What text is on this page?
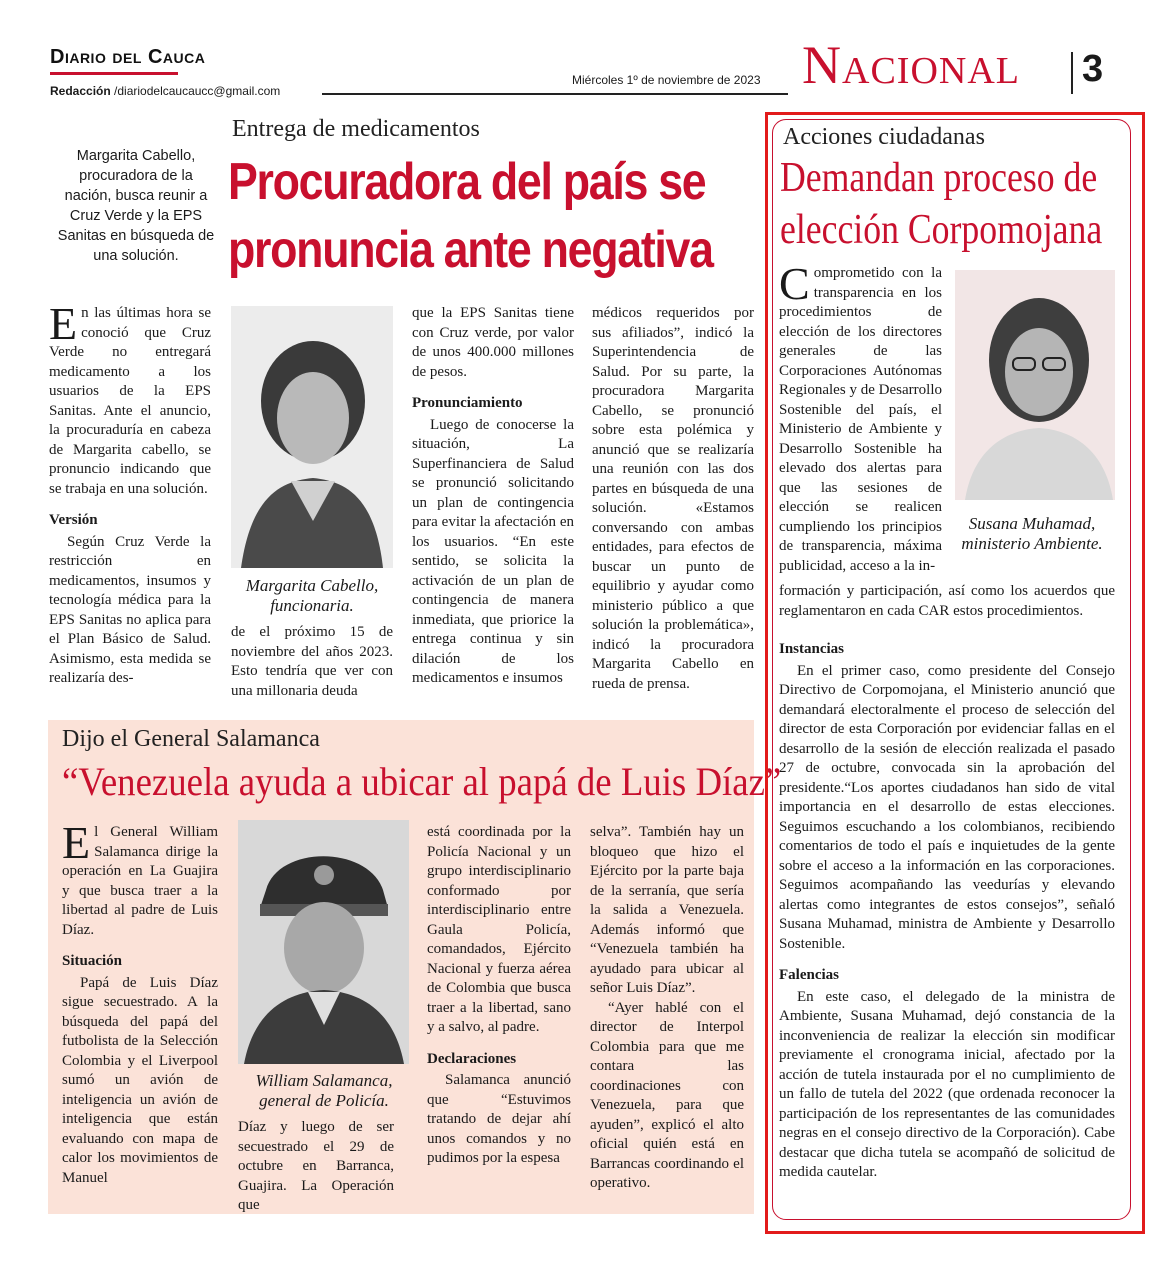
Diario del Cauca
Redacción /diariodelcaucaucc@gmail.com
Miércoles 1º de noviembre de 2023 Nacional 3
Entrega de medicamentos
Procuradora del país se
pronuncia ante negativa
Margarita Cabello, procuradora de la nación, busca reunir a Cruz Verde y la EPS Sanitas en búsqueda de una solución.
E n las últimas hora se conoció que Cruz Verde no entregará medicamento a los usuarios de la EPS Sanitas. Ante el anuncio, la procuraduría en cabeza de Margarita cabello, se pronuncio indicando que se trabaja en una solución.
Versión

Según Cruz Verde la restricción en medicamentos, insumos y tecnología médica para la EPS Sanitas no aplica para el Plan Básico de Salud. Asimismo, esta medida se realizaría des-

Margarita Cabello,
funcionaria.
de el próximo 15 de noviembre del años 2023. Esto tendría que ver con una millonaria deuda
que la EPS Sanitas tiene con Cruz verde, por valor de unos 400.000 millones de pesos.
Pronunciamiento

Luego de conocerse la situación, La Superfinanciera de Salud se pronunció solicitando un plan de contingencia para evitar la afectación en los usuarios. “En este sentido, se solicita la activación de un plan de contingencia de manera inmediata, que priorice la entrega continua y sin dilación de los medicamentos e insumos

médicos requeridos por sus afiliados”, indicó la Superintendencia de Salud. Por su parte, la procuradora Margarita Cabello, se pronunció sobre esta polémica y anunció que se realizaría una reunión con las dos partes en búsqueda de una solución. «Estamos conversando con ambas entidades, para efectos de buscar un punto de equilibrio y ayudar como ministerio público a que solución la problemática», indicó la procuradora Margarita Cabello en rueda de prensa.
Dijo el General Salamanca
“Venezuela ayuda a ubicar al papá de Luis Díaz”
E l General William Salamanca dirige la operación en La Guajira y que busca traer a la libertad al padre de Luis Díaz.
Situación

Papá de Luis Díaz sigue secuestrado. A la búsqueda del papá del futbolista de la Selección Colombia y el Liverpool sumó un avión de inteligencia un avión de inteligencia que están evaluando con mapa de calor los movimientos de Manuel

William Salamanca,
general de Policía.
Díaz y luego de ser secuestrado el 29 de octubre en Barranca, Guajira. La Operación que
está coordinada por la Policía Nacional y un grupo interdisciplinario conformado por interdisciplinario entre Gaula Policía, comandados, Ejército Nacional y fuerza aérea de Colombia que busca traer a la libertad, sano y a salvo, al padre.
Declaraciones

Salamanca anunció que “Estuvimos tratando de dejar ahí unos comandos y no pudimos por la espesa

selva”. También hay un bloqueo que hizo el Ejército por la parte baja de la serranía, que sería la salida a Venezuela. Además informó que “Venezuela también ha ayudado para ubicar al señor Luis Díaz”.

“Ayer hablé con el director de Interpol Colombia para que me contara las coordinaciones con Venezuela, para que ayuden”, explicó el alto oficial quién está en Barrancas coordinando el operativo.

Acciones ciudadanas
Demandan proceso de
elección Corpomojana
C omprometido con la transparencia en los procedimientos de elección de los directores generales de las Corporaciones Autónomas Regionales y de Desarrollo Sostenible del país, el Ministerio de Ambiente y Desarrollo Sostenible ha elevado dos alertas para que las sesiones de elección se realicen cumpliendo los principios de transparencia, máxima publicidad, acceso a la in-
Susana Muhamad,
ministerio Ambiente.
formación y participación, así como los acuerdos que reglamentaron en cada CAR estos procedimientos.
Instancias

En el primer caso, como presidente del Consejo Directivo de Corpomojana, el Ministerio anunció que demandará electoralmente el proceso de selección del director de esta Corporación por evidenciar fallas en el desarrollo de la sesión de elección realizada el pasado 27 de octubre, convocada sin la aprobación del presidente.“Los aportes ciudadanos han sido de vital importancia en el desarrollo de estas elecciones. Seguimos escuchando a los colombianos, recibiendo comentarios de todo el país e inquietudes de la gente sobre el acceso a la información en las corporaciones. Seguimos acompañando las veedurías y elevando alertas como integrantes de estos consejos”, señaló Susana Muhamad, ministra de Ambiente y Desarrollo Sostenible.

Falencias

En este caso, el delegado de la ministra de Ambiente, Susana Muhamad, dejó constancia de la inconveniencia de realizar la elección sin modificar previamente el cronograma inicial, afectado por la acción de tutela instaurada por el no cumplimiento de un fallo de tutela del 2022 (que ordenada reconocer la participación de los representantes de las comunidades negras en el consejo directivo de la Corporación). Cabe destacar que dicha tutela se acompañó de solicitud de medida cautelar.
